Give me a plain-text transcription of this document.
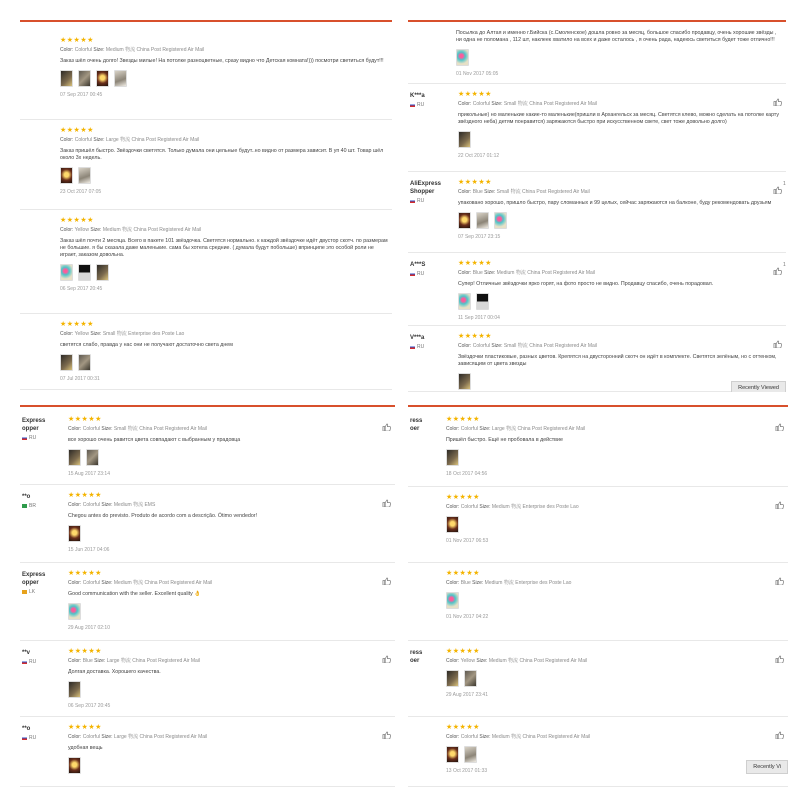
★★★★★
Color: Colorful Size: Medium 物流 China Post Registered Air Mail
Заказ шёл очень долго! Звезды милые! На потолке разноцветные, сразу видно что Детская комната!))) посмотри светиться будут!!!
07 Sep 2017 00:45
★★★★★
Color: Colorful Size: Large 物流 China Post Registered Air Mail
Заказ пришёл быстро. Звёздочки светятся. Только думала они цельные будут..но видно от размера зависит. В уп 40 шт. Товар шёл около 3х недель.
23 Oct 2017 07:05
★★★★★
Color: Yellow Size: Medium 物流 China Post Registered Air Mail
Заказ шёл почти 2 месяца. Всего в пакете 101 звёздочка. Светятся нормально. к каждой звёздочке идёт двустор скотч. по размерам не большие. я бы сказала даже маленькие. сама бы хотела средние. ( думала будут побольше) впринципе это особой роли не играет, заказом довольна.
06 Sep 2017 20:45
★★★★★
Color: Yellow Size: Small 物流 Enterprise des Poste Lao
светятся слабо, правда у нас они не получают достаточно света днем
07 Jul 2017 00:31
Посылка до Алтая и именно г.Бийска (с.Смоленское) дошла ровно за месяц, большое спасибо продавцу, очень хорошие звёзды , ни одна не поломана , 112 шт, наклеек хватило на всех и даже осталось , я очень рада, надеюсь светиться будет тоже отлично!!!
01 Nov 2017 05:05
K***a
RU
★★★★★
Color: Colorful Size: Small 物流 China Post Registered Air Mail
прикольные) но маленькие какие-то маленькие(пришли в Архангельск за месяц. Светятся клево, можно сделать на потолке карту звёздного неба) детям понравится) заряжаются быстро при искусственном свете, свет тоже довольно долго)
22 Oct 2017 01:12
AliExpress
Shopper
RU
★★★★★
Color: Blue Size: Small 物流 China Post Registered Air Mail
упаковано хорошо, пришло быстро, пару сломанных и 99 целых, сейчас заряжаются на балконе, буду рекомендовать друзьям
07 Sep 2017 23:15
1
A***S
RU
★★★★★
Color: Blue Size: Medium 物流 China Post Registered Air Mail
Супер! Отличные звёздочки ярко горят, на фото просто не видно. Продавцу спасибо, очень порадовал.
11 Sep 2017 00:04
1
V***a
RU
★★★★★
Color: Colorful Size: Small 物流 China Post Registered Air Mail
Звёздочки пластиковые, разных цветов. Крепятся на двусторонний скотч он идёт в комплекте. Светятся зелёным, но с оттенком, зависящим от цвета звезды
Recently Viewed
Express
opper
RU
★★★★★
Color: Colorful Size: Small 物流 China Post Registered Air Mail
все хорошо очень равится цвета совпадают с выбранным у прадовца
15 Aug 2017 23:14
**o
BR
★★★★★
Color: Colorful Size: Medium 物流 EMS
Chegou antes do previsto. Produto de acordo com a descrição. Ótimo vendedor!
15 Jun 2017 04:06
Express
opper
LK
★★★★★
Color: Colorful Size: Medium 物流 China Post Registered Air Mail
Good communication with the seller. Excellent quality 👌
29 Aug 2017 02:10
**v
RU
★★★★★
Color: Blue Size: Large 物流 China Post Registered Air Mail
Долгая доставка. Хорошего качества.
06 Sep 2017 20:45
**o
RU
★★★★★
Color: Colorful Size: Large 物流 China Post Registered Air Mail
удобная вещь
ress
oer
★★★★★
Color: Colorful Size: Large 物流 China Post Registered Air Mail
Пришёл быстро. Ещё не пробовала в действие
18 Oct 2017 04:56
★★★★★
Color: Colorful Size: Medium 物流 Enterprise des Poste Lao
01 Nov 2017 06:53
★★★★★
Color: Blue Size: Medium 物流 Enterprise des Poste Lao
01 Nov 2017 04:22
ress
oer
★★★★★
Color: Yellow Size: Medium 物流 China Post Registered Air Mail
29 Aug 2017 23:41
★★★★★
Color: Colorful Size: Medium 物流 China Post Registered Air Mail
13 Oct 2017 01:33
Recently Vi
